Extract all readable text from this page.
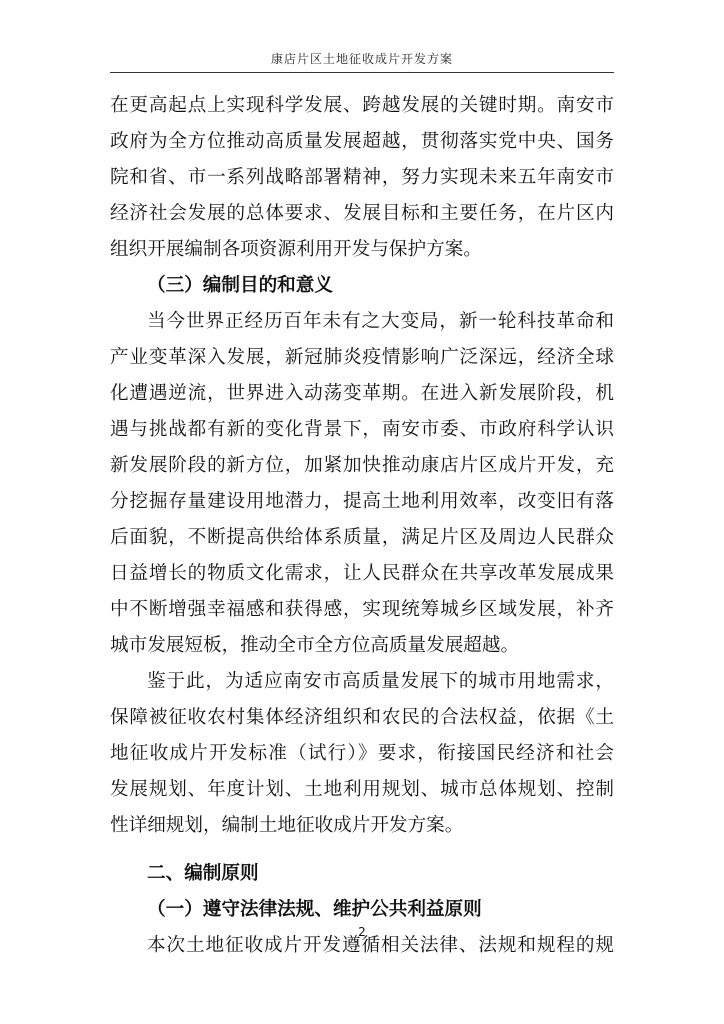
康店片区土地征收成片开发方案
在更高起点上实现科学发展、跨越发展的关键时期。南安市
政府为全方位推动高质量发展超越，贯彻落实党中央、国务
院和省、市一系列战略部署精神，努力实现未来五年南安市
经济社会发展的总体要求、发展目标和主要任务，在片区内
组织开展编制各项资源利用开发与保护方案。
（三）编制目的和意义
当今世界正经历百年未有之大变局，新一轮科技革命和
产业变革深入发展，新冠肺炎疫情影响广泛深远，经济全球
化遭遇逆流，世界进入动荡变革期。在进入新发展阶段，机
遇与挑战都有新的变化背景下，南安市委、市政府科学认识
新发展阶段的新方位，加紧加快推动康店片区成片开发，充
分挖掘存量建设用地潜力，提高土地利用效率，改变旧有落
后面貌，不断提高供给体系质量，满足片区及周边人民群众
日益增长的物质文化需求，让人民群众在共享改革发展成果
中不断增强幸福感和获得感，实现统筹城乡区域发展，补齐
城市发展短板，推动全市全方位高质量发展超越。
鉴于此，为适应南安市高质量发展下的城市用地需求，
保障被征收农村集体经济组织和农民的合法权益，依据《土
地征收成片开发标准（试行）》要求，衔接国民经济和社会
发展规划、年度计划、土地利用规划、城市总体规划、控制
性详细规划，编制土地征收成片开发方案。
二、编制原则
（一）遵守法律法规、维护公共利益原则
本次土地征收成片开发遵循相关法律、法规和规程的规
2
